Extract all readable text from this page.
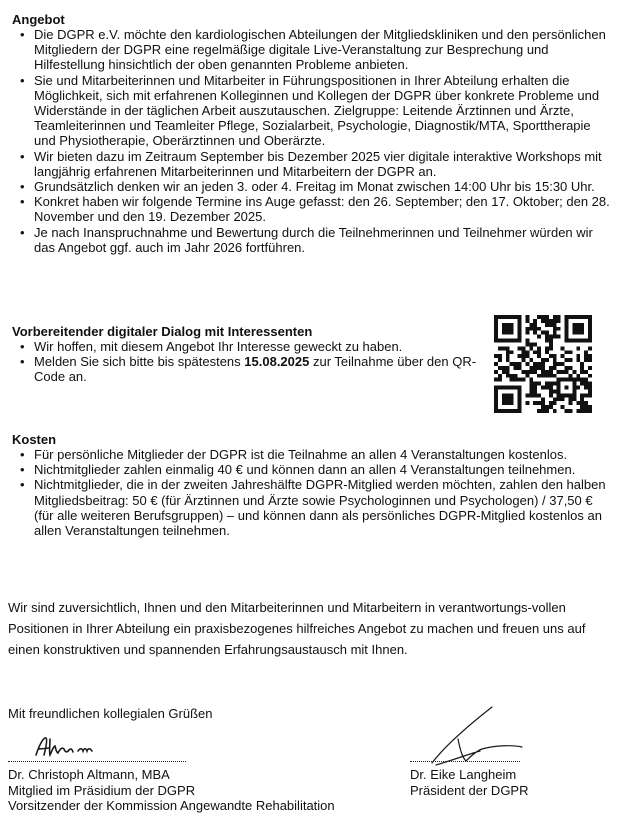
Angebot
• Die DGPR e.V. möchte den kardiologischen Abteilungen der Mitgliedskliniken und den persönlichen Mitgliedern der DGPR eine regelmäßige digitale Live-Veranstaltung zur Besprechung und Hilfestellung hinsichtlich der oben genannten Probleme anbieten.
• Sie und Mitarbeiterinnen und Mitarbeiter in Führungspositionen in Ihrer Abteilung erhalten die Möglichkeit, sich mit erfahrenen Kolleginnen und Kollegen der DGPR über konkrete Probleme und Widerstände in der täglichen Arbeit auszutauschen. Zielgruppe: Leitende Ärztinnen und Ärzte, Teamleiterinnen und Teamleiter Pflege, Sozialarbeit, Psychologie, Diagnostik/MTA, Sporttherapie und Physiotherapie, Oberärztinnen und Oberärzte.
• Wir bieten dazu im Zeitraum September bis Dezember 2025 vier digitale interaktive Workshops mit langjährig erfahrenen Mitarbeiterinnen und Mitarbeitern der DGPR an.
• Grundsätzlich denken wir an jeden 3. oder 4. Freitag im Monat zwischen 14:00 Uhr bis 15:30 Uhr.
• Konkret haben wir folgende Termine ins Auge gefasst: den 26. September; den 17. Oktober; den 28. November und den 19. Dezember 2025.
• Je nach Inanspruchnahme und Bewertung durch die Teilnehmerinnen und Teilnehmer würden wir das Angebot ggf. auch im Jahr 2026 fortführen.
Vorbereitender digitaler Dialog mit Interessenten
• Wir hoffen, mit diesem Angebot Ihr Interesse geweckt zu haben.
• Melden Sie sich bitte bis spätestens 15.08.2025 zur Teilnahme über den QR-Code an.
Kosten
• Für persönliche Mitglieder der DGPR ist die Teilnahme an allen 4 Veranstaltungen kostenlos.
• Nichtmitglieder zahlen einmalig 40 € und können dann an allen 4 Veranstaltungen teilnehmen.
• Nichtmitglieder, die in der zweiten Jahreshälfte DGPR-Mitglied werden möchten, zahlen den halben Mitgliedsbeitrag: 50 € (für Ärztinnen und Ärzte sowie Psychologinnen und Psychologen) / 37,50 € (für alle weiteren Berufsgruppen) – und können dann als persönliches DGPR-Mitglied kostenlos an allen Veranstaltungen teilnehmen.

Wir sind zuversichtlich, Ihnen und den Mitarbeiterinnen und Mitarbeitern in verantwortungs-vollen Positionen in Ihrer Abteilung ein praxisbezogenes hilfreiches Angebot zu machen und freuen uns auf einen konstruktiven und spannenden Erfahrungsaustausch mit Ihnen.

Mit freundlichen kollegialen Grüßen
Dr. Christoph Altmann, MBA
Mitglied im Präsidium der DGPR
Vorsitzender der Kommission Angewandte Rehabilitation
Dr. Eike Langheim
Präsident der DGPR
